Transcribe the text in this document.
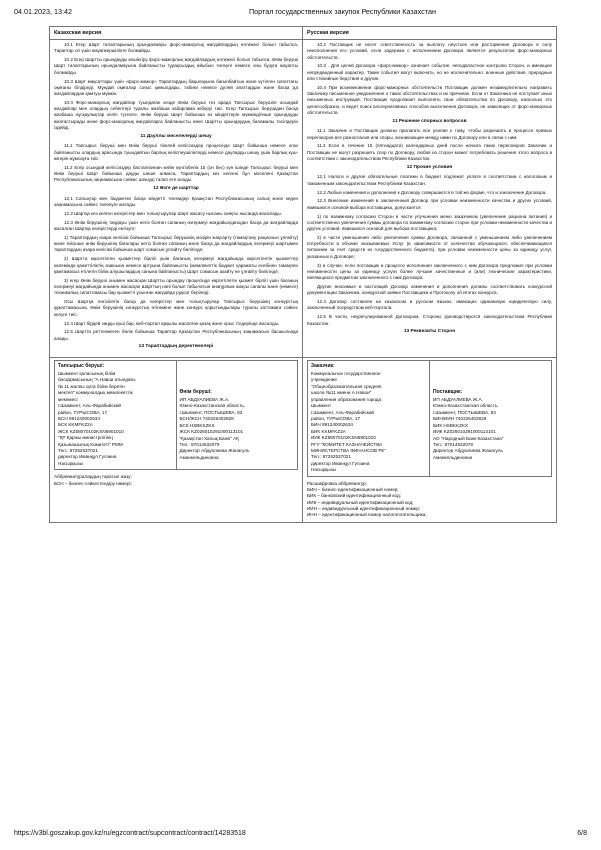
04.01.2023, 13:42	Портал государственных закупок Республики Казахстан
Казахская версия	Русская версия

10.1 Егер Шарт талаптарының орындалмауы форс-мажорлық жағдайлардың нәтижесі болып табылса, Тараптар оп үшін жауапкершілікте болмайды.

10.2 Егер Шартты орындауды кешіктіру форс-мажорлық жағдайлардың нәтижесі болып табылса, Өнім беруші Шарт талаптарының орындалмауына байланысты тұрақсыздық айыбын төлеуге немесе оны бұзуға жауапты болмайды.

10.3 Шарт мақсаттары үшін «форс-мажор» Тараптардың бақылауына бағынбайтын және күтілген сипаттағы оқиғаны білдіреді. Мұндай оқиғалар соғыс қимылдары, табиғи немесе дүлей апаттардан және басқа да жағдайлардан қамтуы мүмкін.

10.4 Форс-мажорлық жағдайлар туындаған кезде Өнім беруші тез арада Тапсырыс берушіге осындай жағдайлар мен олардың себептері туралы жазбаша хабарлама жіберуі тиіс. Егер Тапсырыс берушіден басқа жазбаша нұсқаулықтар келіп түспесе, Өнім беруші Шарт бойынша өз міндеттерін мүмкіндігінше орындауды жалғастырады және форс-мажорлық жағдайларға байланысты емес Шартты орындаудың баламалы тәсілдерін іздейді.

11 Дауллы мәселелерді шешу

11.1 Тапсырыс беруші мен Өнім беруші тікелей келіссөздер процесінде Шарт бойынша немесе оған байланысты олардың арасында туындайтын барлық келіспеушіліктерді немесе дауларды шешу үшін барлық күш-жігерін жұмсауға тиіс.

11.2 Егер осындай келіссөздер басталғаннан кейін күнтізбелік 15 (он бес) күн ішінде Тапсырыс беруші мен Өнім беруші Шарт бойынша дауды шеше алмаса, Тараптардың кез келгені бұл мәселені Қазақстан Республикасының заңнамасына сәйкес шешуді талап ете алады.

12 Өзге де шарттар

12.1 Салықтар мен бюджетке басқа міндетті төлемдер Қазақстан Республикасының салық және кеден заңнамасына сәйкес төленуге жатады.

12.2 Шартқа кез келген өзгерістер мен толықтырулар Шарт жасасу нысаны сияқты нысанда жасалады.

12.3 Өнім берушінің таңдауы үшін негіз болған сапаның өзгермеуі жағдайындағыдан басқа да жағдайларда жасалған Шартқа өзгерістерді енгізуге:

1) Тараптардың өзара келісімі бойынша Тапсырыс берушінің мәзірін жақсарту (тамақтану рационын ұлғайту) және тиісінше өнім берушінің бағалары нетіз болған сапаның және басқа да жағдайлардың өзгермеуі шартымен тараптардың өзара келісімі бойынша шарт сомасын ұлғайту бөлігінде;

2) Шартта көрсетілген қызметтер бірлігі үшін бағаның өзгермеуі жағдайында көрсетілетін қызметтер көлемінде қажеттіліктің азаюына немесе артуына байланысты (мемлекеттік бюджет қаражаты есебінен тамақпен қамтамасыз етілетін білім алушылардың санына байланысты) Шарт сомасын азайту не ұлғайту бөлігінде;

3) егер Өнім беруші онымен жасасқан Шартты орындау процесінде көрсетілетін қызмет бірлігі үшін бағаның өзгермеуі жағдайында онымен жасасқан Шарттың нәні болып табылатын анағұрлым жақсы сапалы және (немесе) техникалық сипаттамасы бар қызметті ұсынған жағдайда рұқсат беріледі.

Осы Шартқа енгізілетін басқа да өзгерістер мен толықтырулар Тапсырыс берушінің конкурстық құжаттамасына, Өнім берушінің конкурстық өтінеміне және конкурс қорытындылары туралы хаттамаға сәйкес келуге тиіс.

12.4 Шарт бірдей заңды күші бар, веб-портал арқылы жасалған қазақ және орыс тілдерінде жасалды.

12.5 Шартта реттелмеген бөлік бойынша Тараптар Қазақстан Республикасының заңнамасын басшылыққа алады.

13 Тараптардың деректемелері

10.2 Поставщик не несет ответственность за выплату неустоек или расторжение Договора в силу неисполнения его условий, если задержка с исполнением Договора является результатом форс-мажорных обстоятельств.

10.3 . Для целей Договора «форс-мажор» означает событие, неподвластное контролю Сторон, и имеющее непредвиденный характер. Такие события могут включать, но не исключительно: военные действия, природные или стихийные бедствия и другие.

10.4 При возникновении форс-мажорных обстоятельств Поставщик должен незамедлительно направить Заказчику письменное уведомление о таких обстоятельствах и их причинах. Если от Заказчика не поступает иных письменных инструкций, Поставщик продолжает выполнять свои обязательства по Договору, насколько это целесообразно, и ведет поиск альтернативных способов выполнения Договора, не зависящих от форс-мажорных обстоятельств.

11 Решение спорных вопросов

11.1 Заказчик и Поставщик должны прилагать все усилия к тому, чтобы разрешать в процессе прямых переговоров все разногласия или споры, возникающие между ними по Договору или в связи с ним.

11.2 Если в течение 15 (пятнадцати) календарных дней после начала таких переговоров Заказчик и Поставщик не могут разрешить спор по Договору, любая из сторон может потребовать решения этого вопроса в соответствии с законодательством Республики Казахстан.

12 Прочие условия

12.1 Налоги и другие обязательные платежи в бюджет подлежат уплате в соответствии с налоговым и таможенным законодательством Республики Казахстан.

12.2 Любые изменения и дополнения к Договору совершаются в той же форме, что и заключение Договора.

12.3 Внесение изменений в заключенный Договор при условии неизменности качества и других условий, явившихся основой выбора поставщика, допускается:

1) по взаимному согласию Сторон в части улучшения меню заказчиком (увеличение рациона питания) и соответственно увеличения суммы договора по взаимному согласию сторон при условии неизменности качества и других условий, явившихся основой для выбора поставщика;

2) в части уменьшения либо увеличения суммы Договора, связанной с уменьшением либо увеличением потребности в объеме оказываемых Услуг (в зависимости от количества обучающихся, обеспечивающихся питанием за счет средств из государственного бюджета), при условии неизменности цены за единицу услуг, указанных в Договоре;

3) в случае, если поставщик в процессе исполнения заключенного с ним Договора предложил при условии неизменности цены за единицу услуги более лучшие качественные и (или) технические характеристики, являющихся предметом заключенного с ним Договора.

Другие вносимые в настоящий Договор изменения и дополнения должны соответствовать конкурсной документации Заказчика, конкурсной заявке Поставщика и Протоколу об итогах конкурса.

12.4 Договор составлен на казахском и русском языках, имеющих одинаковую юридическую силу, заключенный посредством веб-портала.

12.5 В части, неурегулированной Договором, Стороны руководствуются законодательством Республики Казахстан.

13 Реквизиты Сторон

Тапсырыс беруші:
Шымкент қаласының білім
басқармасының "А.Навои атындағы
№ 11 жалпы орта білім беретін
мектеп" коммуналдық мемлекеттік
мекемесі
г.Шымкент, Аль-Фарабийский
район, ТУРЫСОВА, 17
БСН 991240002634
БСК KKMFKZ2A
ЖСК KZ58070102KSN5901010
"ҚР Қаржы министрлігінің
Қазынашылық Комитеті" РММ
Тел.: 87252537021
директор Иманқұл Гүлзина
Насырқызы

Өнім беруші:
ИП АБДУАЛИЕВА Ж.А.
Южно-Казахстанская область,
г.Шымкент, ПОСТЫШЕВА, 83
БСН/ЖСН 740226402828
БСК HSBKKZKX
ЖСК KZ026010291000113101
"Қазақстан Халық Банкі" АҚ
Тел.: 87014632079
Директор Абдуалиева Жанагуль
Аманкельдиновна
Аббревиатуралардың таратып жазу:
БСН – бизнес-сәйкестендіру нөмері;

Заказчик:
Коммунальное государственное
учреждение
"Общеобразовательная средняя
школа №11 имени А.Навои"
управления образования города
Шымкент
г.Шымкент, Аль-Фарабийский
район, ТУРЫСОВА, 17
БИН 991240002634
БИК KKMFKZ2A
ИИК KZ58070102KSN5901010
РГУ "КОМИТЕТ КАЗНАЧЕЙСТВА
МИНИСТЕРСТВА ФИНАНСОВ РК"
Тел.: 87252537021
директор Иманқұл Гүлзина
Насырқызы

Поставщик:
ИП АБДУАЛИЕВА Ж.А.
Южно-Казахстанская область,
г.Шымкент, ПОСТЫШЕВА, 83
БИН/ИИН 740226402828
БИК HSBKKZKX
ИИК KZ026010291000113101
АО "Народный Банк Казахстана"
Тел.: 87014632079
Директор Абдуалиева Жанагуль
Аманкельдиновна
Расшифровка аббревиатур:
БИН – бизнес-идентификационный номер;
БИК – банковский идентификационный код;
ИИК – индивидуальный идентификационный код;
ИИН – индивидуальный идентификационный номер;
ИНН – идентификационный номер налогоплательщика;
https://v3bl.goszakup.gov.kz/ru/egzcontract/supcontract/contract/14283518	6/8
